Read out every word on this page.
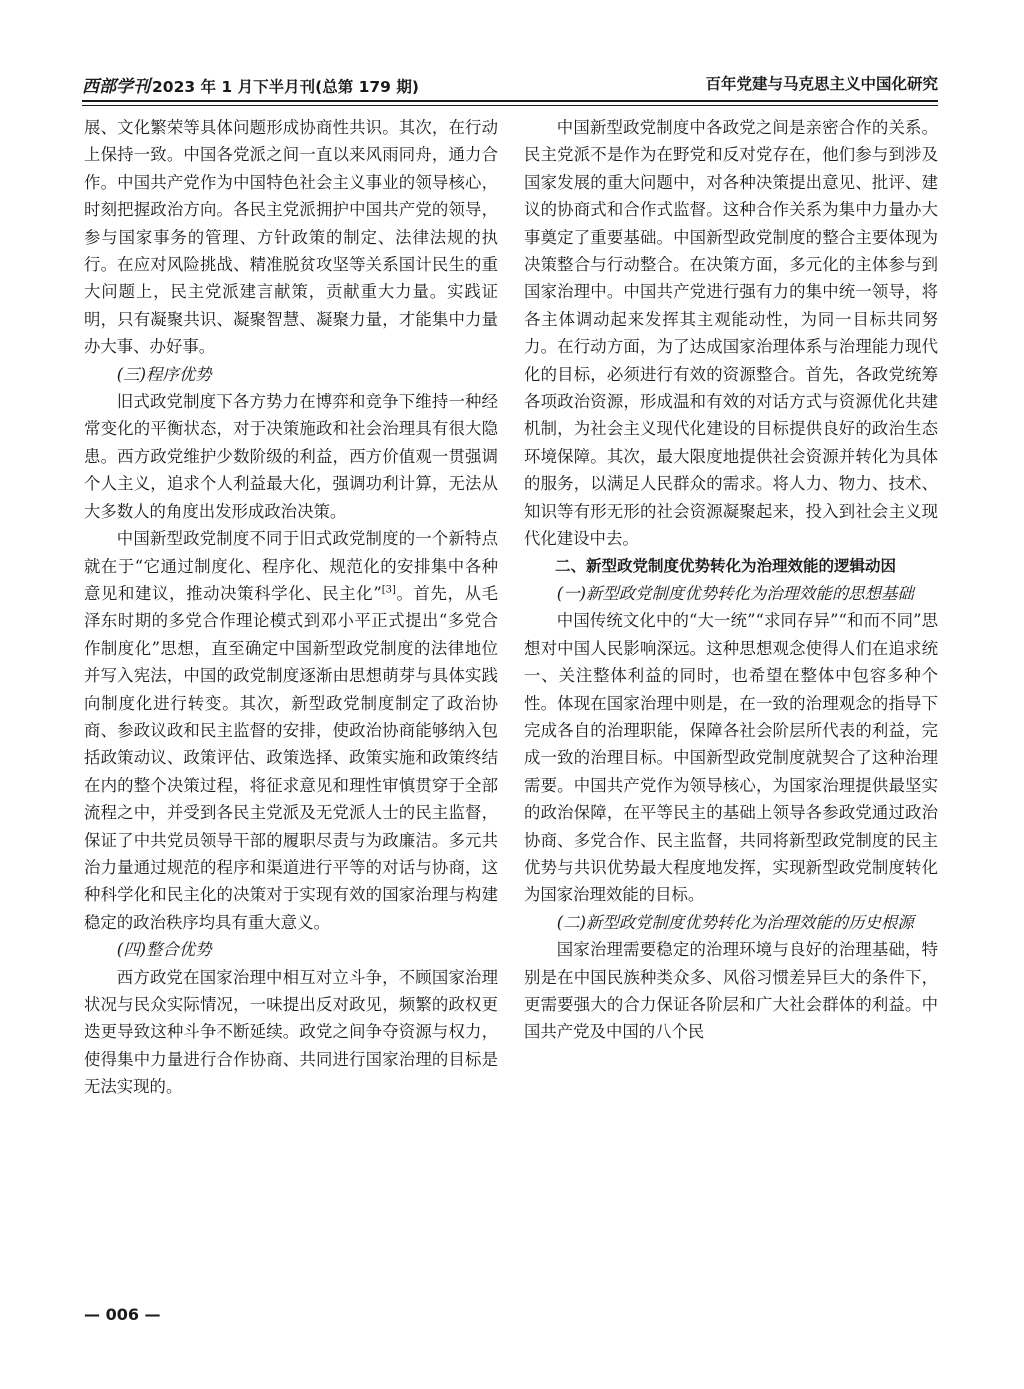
西部学刊 2023 年 1 月下半月刊(总第 179 期)	百年党建与马克思主义中国化研究

展、文化繁荣等具体问题形成协商性共识。其次，在行动上保持一致。中国各党派之间一直以来风雨同舟，通力合作。中国共产党作为中国特色社会主义事业的领导核心，时刻把握政治方向。各民主党派拥护中国共产党的领导，参与国家事务的管理、方针政策的制定、法律法规的执行。在应对风险挑战、精准脱贫攻坚等关系国计民生的重大问题上，民主党派建言献策，贡献重大力量。实践证明，只有凝聚共识、凝聚智慧、凝聚力量，才能集中力量办大事、办好事。

(三)程序优势

旧式政党制度下各方势力在博弈和竞争下维持一种经常变化的平衡状态，对于决策施政和社会治理具有很大隐患。西方政党维护少数阶级的利益，西方价值观一贯强调个人主义，追求个人利益最大化，强调功利计算，无法从大多数人的角度出发形成政治决策。

中国新型政党制度不同于旧式政党制度的一个新特点就在于“它通过制度化、程序化、规范化的安排集中各种意见和建议，推动决策科学化、民主化”[3]。首先，从毛泽东时期的多党合作理论模式到邓小平正式提出“多党合作制度化”思想，直至确定中国新型政党制度的法律地位并写入宪法，中国的政党制度逐渐由思想萌芽与具体实践向制度化进行转变。其次，新型政党制度制定了政治协商、参政议政和民主监督的安排，使政治协商能够纳入包括政策动议、政策评估、政策选择、政策实施和政策终结在内的整个决策过程，将征求意见和理性审慎贯穿于全部流程之中，并受到各民主党派及无党派人士的民主监督，保证了中共党员领导干部的履职尽责与为政廉洁。多元共治力量通过规范的程序和渠道进行平等的对话与协商，这种科学化和民主化的决策对于实现有效的国家治理与构建稳定的政治秩序均具有重大意义。

(四)整合优势

西方政党在国家治理中相互对立斗争，不顾国家治理状况与民众实际情况，一味提出反对政见，频繁的政权更迭更导致这种斗争不断延续。政党之间争夺资源与权力，使得集中力量进行合作协商、共同进行国家治理的目标是无法实现的。

中国新型政党制度中各政党之间是亲密合作的关系。民主党派不是作为在野党和反对党存在，他们参与到涉及国家发展的重大问题中，对各种决策提出意见、批评、建议的协商式和合作式监督。这种合作关系为集中力量办大事奠定了重要基础。中国新型政党制度的整合主要体现为决策整合与行动整合。在决策方面，多元化的主体参与到国家治理中。中国共产党进行强有力的集中统一领导，将各主体调动起来发挥其主观能动性，为同一目标共同努力。在行动方面，为了达成国家治理体系与治理能力现代化的目标，必须进行有效的资源整合。首先，各政党统筹各项政治资源，形成温和有效的对话方式与资源优化共建机制，为社会主义现代化建设的目标提供良好的政治生态环境保障。其次，最大限度地提供社会资源并转化为具体的服务，以满足人民群众的需求。将人力、物力、技术、知识等有形无形的社会资源凝聚起来，投入到社会主义现代化建设中去。

二、新型政党制度优势转化为治理效能的逻辑动因

(一)新型政党制度优势转化为治理效能的思想基础

中国传统文化中的“大一统”“求同存异”“和而不同”思想对中国人民影响深远。这种思想观念使得人们在追求统一、关注整体利益的同时，也希望在整体中包容多种个性。体现在国家治理中则是，在一致的治理观念的指导下完成各自的治理职能，保障各社会阶层所代表的利益，完成一致的治理目标。中国新型政党制度就契合了这种治理需要。中国共产党作为领导核心，为国家治理提供最坚实的政治保障，在平等民主的基础上领导各参政党通过政治协商、多党合作、民主监督，共同将新型政党制度的民主优势与共识优势最大程度地发挥，实现新型政党制度转化为国家治理效能的目标。

(二)新型政党制度优势转化为治理效能的历史根源

国家治理需要稳定的治理环境与良好的治理基础，特别是在中国民族种类众多、风俗习惯差异巨大的条件下，更需要强大的合力保证各阶层和广大社会群体的利益。中国共产党及中国的八个民

— 006 —
